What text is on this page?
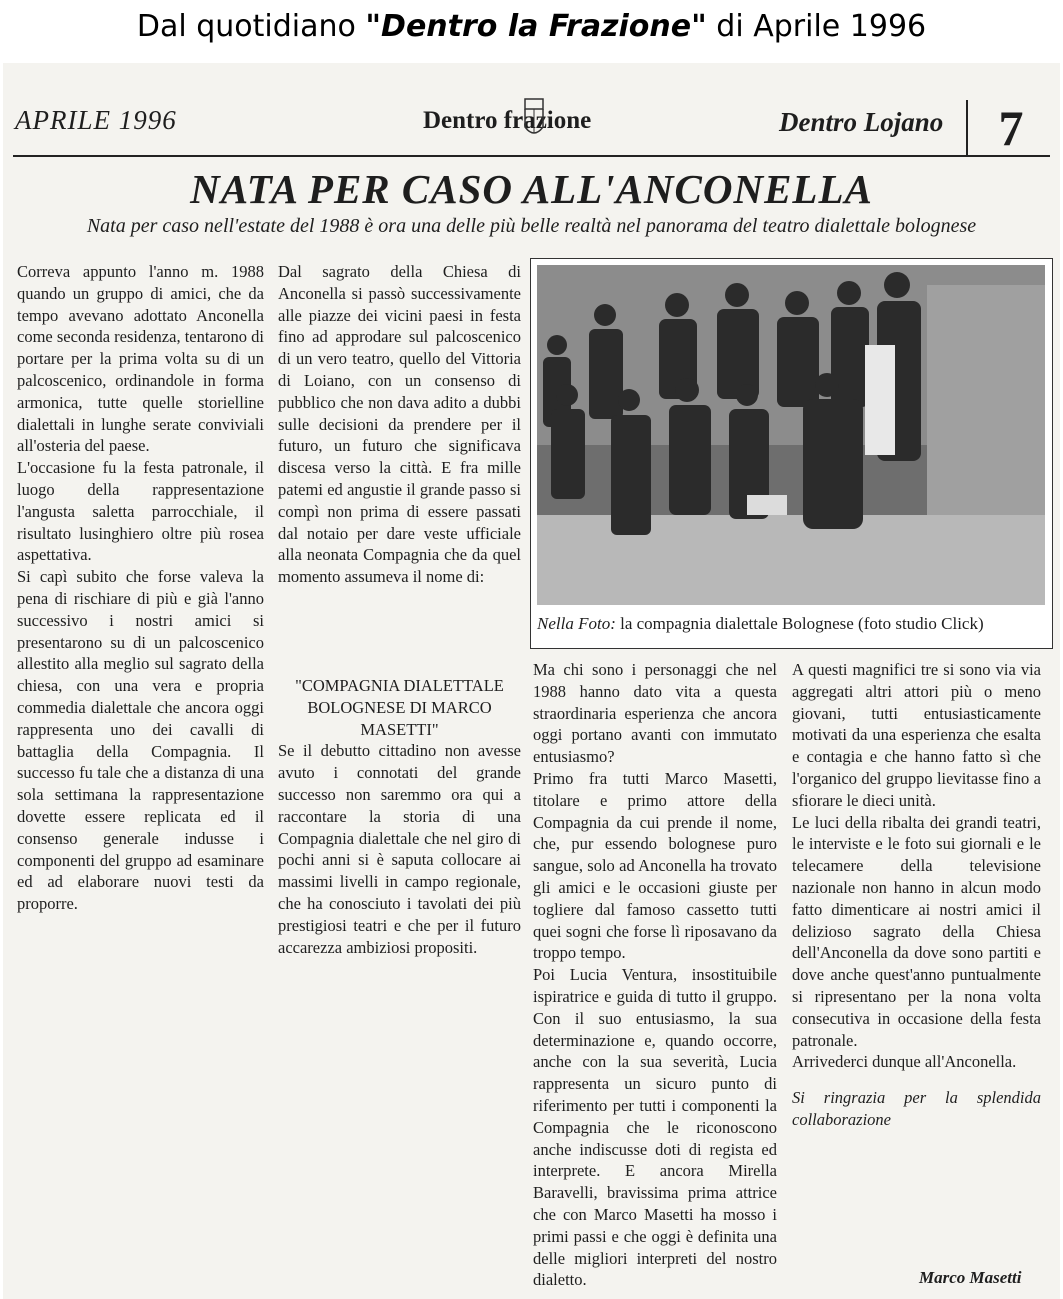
Dal quotidiano "Dentro la Frazione" di Aprile 1996
APRILE 1996	Dentro frazione	Dentro Lojano	7
NATA PER CASO ALL'ANCONELLA
Nata per caso nell'estate del 1988 è ora una delle più belle realtà nel panorama del teatro dialettale bolognese

Correva appunto l'anno m. 1988 quando un gruppo di amici, che da tempo avevano adottato Anconella come seconda residenza, tentarono di portare per la prima volta su di un palcoscenico, ordinandole in forma armonica, tutte quelle storielline dialettali in lunghe serate conviviali all'osteria del paese.

L'occasione fu la festa patronale, il luogo della rappresentazione l'angusta saletta parrocchiale, il risultato lusinghiero oltre più rosea aspettativa.

Si capì subito che forse valeva la pena di rischiare di più e già l'anno successivo i nostri amici si presentarono su di un palcoscenico allestito alla meglio sul sagrato della chiesa, con una vera e propria commedia dialettale che ancora oggi rappresenta uno dei cavalli di battaglia della Compagnia. Il successo fu tale che a distanza di una sola settimana la rappresentazione dovette essere replicata ed il consenso generale indusse i componenti del gruppo ad esaminare ed ad elaborare nuovi testi da proporre.

Dal sagrato della Chiesa di Anconella si passò successivamente alle piazze dei vicini paesi in festa fino ad approdare sul palcoscenico di un vero teatro, quello del Vittoria di Loiano, con un consenso di pubblico che non dava adito a dubbi sulle decisioni da prendere per il futuro, un futuro che significava discesa verso la città. E fra mille patemi ed angustie il grande passo si compì non prima di essere passati dal notaio per dare veste ufficiale alla neonata Compagnia che da quel momento assumeva il nome di:

"COMPAGNIA DIALETTALE BOLOGNESE DI MARCO MASETTI"

Se il debutto cittadino non avesse avuto i connotati del grande successo non saremmo ora qui a raccontare la storia di una Compagnia dialettale che nel giro di pochi anni si è saputa collocare ai massimi livelli in campo regionale, che ha conosciuto i tavolati dei più prestigiosi teatri e che per il futuro accarezza ambiziosi propositi.

Nella Foto: la compagnia dialettale Bolognese (foto studio Click)

Ma chi sono i personaggi che nel 1988 hanno dato vita a questa straordinaria esperienza che ancora oggi portano avanti con immutato entusiasmo?

Primo fra tutti Marco Masetti, titolare e primo attore della Compagnia da cui prende il nome, che, pur essendo bolognese puro sangue, solo ad Anconella ha trovato gli amici e le occasioni giuste per togliere dal famoso cassetto tutti quei sogni che forse lì riposavano da troppo tempo.

Poi Lucia Ventura, insostituibile ispiratrice e guida di tutto il gruppo. Con il suo entusiasmo, la sua determinazione e, quando occorre, anche con la sua severità, Lucia rappresenta un sicuro punto di riferimento per tutti i componenti la Compagnia che le riconoscono anche indiscusse doti di regista ed interprete. E ancora Mirella Baravelli, bravissima prima attrice che con Marco Masetti ha mosso i primi passi e che oggi è definita una delle migliori interpreti del nostro dialetto.

A questi magnifici tre si sono via via aggregati altri attori più o meno giovani, tutti entusiasticamente motivati da una esperienza che esalta e contagia e che hanno fatto sì che l'organico del gruppo lievitasse fino a sfiorare le dieci unità.

Le luci della ribalta dei grandi teatri, le interviste e le foto sui giornali e le telecamere della televisione nazionale non hanno in alcun modo fatto dimenticare ai nostri amici il delizioso sagrato della Chiesa dell'Anconella da dove sono partiti e dove anche quest'anno puntualmente si ripresentano per la nona volta consecutiva in occasione della festa patronale.

Arrivederci dunque all'Anconella.

Si ringrazia per la splendida collaborazione

Marco Masetti
